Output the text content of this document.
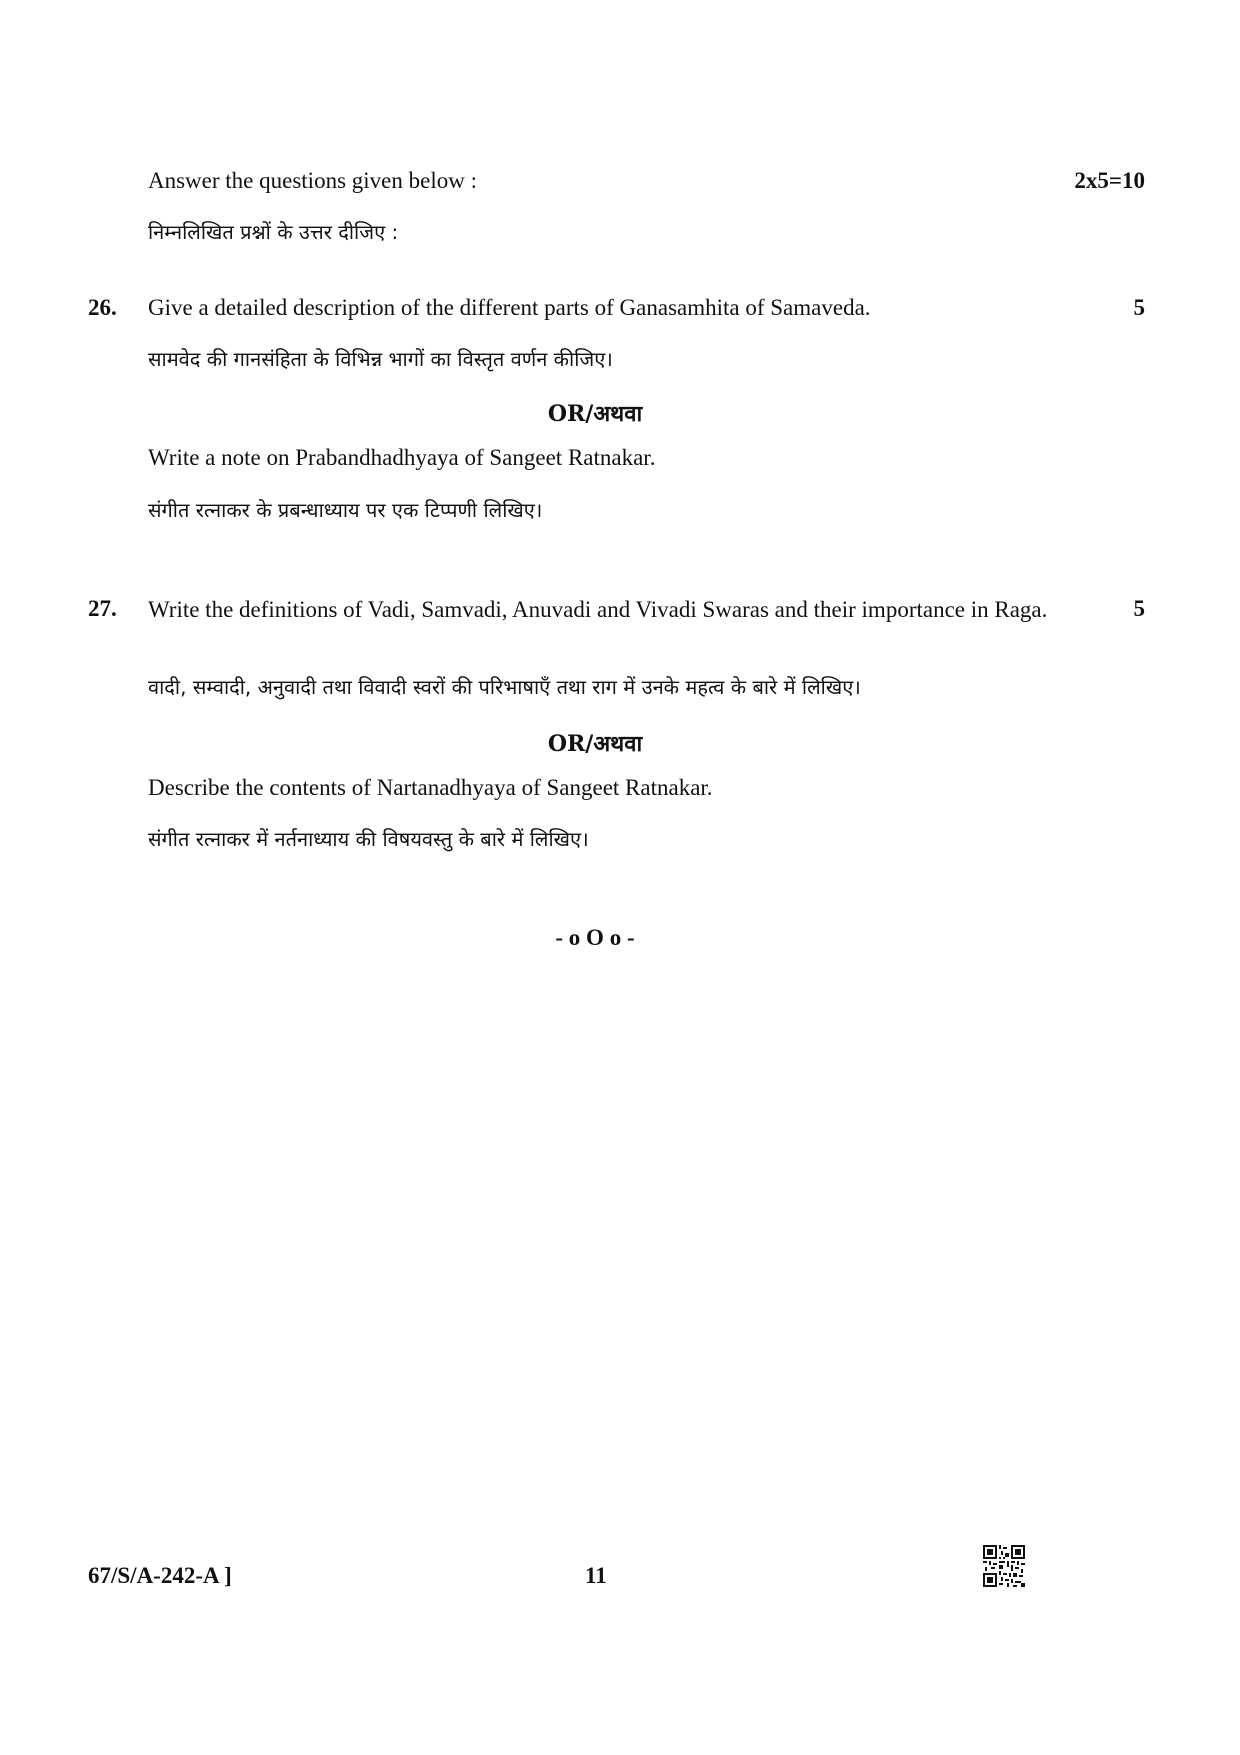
Answer the questions given below :	2x5=10
निम्नलिखित प्रश्नों के उत्तर दीजिए :
26. Give a detailed description of the different parts of Ganasamhita of Samaveda.	5
सामवेद की गानसंहिता के विभिन्न भागों का विस्तृत वर्णन कीजिए।
OR/अथवा
Write a note on Prabandhadhyaya of Sangeet Ratnakar.
संगीत रत्नाकर के प्रबन्धाध्याय पर एक टिप्पणी लिखिए।
27. Write the definitions of Vadi, Samvadi, Anuvadi and Vivadi Swaras and their importance in Raga.	5
वादी, सम्वादी, अनुवादी तथा विवादी स्वरों की परिभाषाएँ तथा राग में उनके महत्व के बारे में लिखिए।
OR/अथवा
Describe the contents of Nartanadhyaya of Sangeet Ratnakar.
संगीत रत्नाकर में नर्तनाध्याय की विषयवस्तु के बारे में लिखिए।
- o O o -
67/S/A-242-A ]	11
